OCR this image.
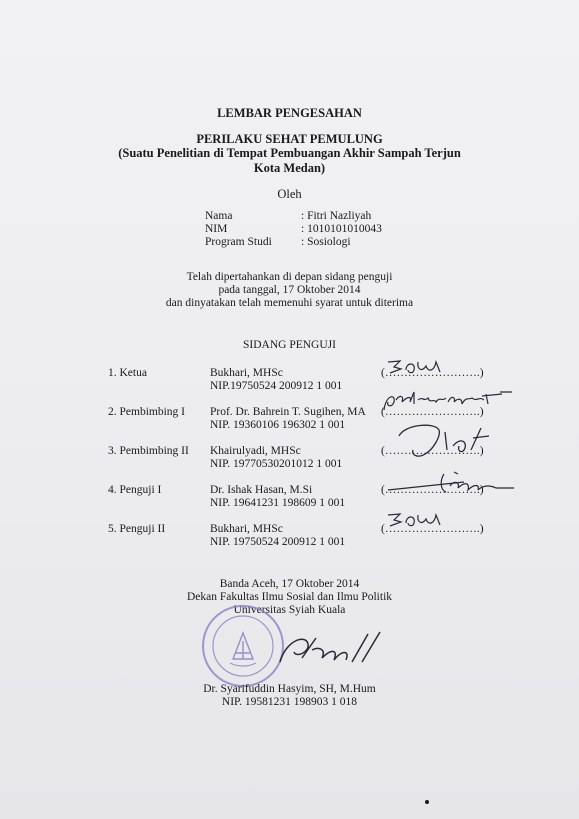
LEMBAR PENGESAHAN
PERILAKU SEHAT PEMULUNG
(Suatu Penelitian di Tempat Pembuangan Akhir Sampah Terjun
Kota Medan)
Oleh
Nama	: Fitri Nazliyah
NIM	: 1010101010043
Program Studi	: Sosiologi
Telah dipertahankan di depan sidang penguji
pada tanggal, 17 Oktober 2014
dan dinyatakan telah memenuhi syarat untuk diterima
SIDANG PENGUJI
1. Ketua	Bukhari, MHSc
NIP.19750524 200912 1 001
(…………………….)
2. Pembimbing I Prof. Dr. Bahrein T. Sugihen, MA
NIP. 19360106 196302 1 001
(…………………….)
3. Pembimbing II Khairulyadi, MHSc
NIP. 19770530201012 1 001
(…………………….)
4. Penguji I	Dr. Ishak Hasan, M.Si
NIP. 19641231 198609 1 001
(…………………….)
5. Penguji II	Bukhari, MHSc
NIP. 19750524 200912 1 001
(…………………….)
Banda Aceh, 17 Oktober 2014
Dekan Fakultas Ilmu Sosial dan Ilmu Politik
Universitas Syiah Kuala
Dr. Syarifuddin Hasyim, SH, M.Hum
NIP. 19581231 198903 1 018
